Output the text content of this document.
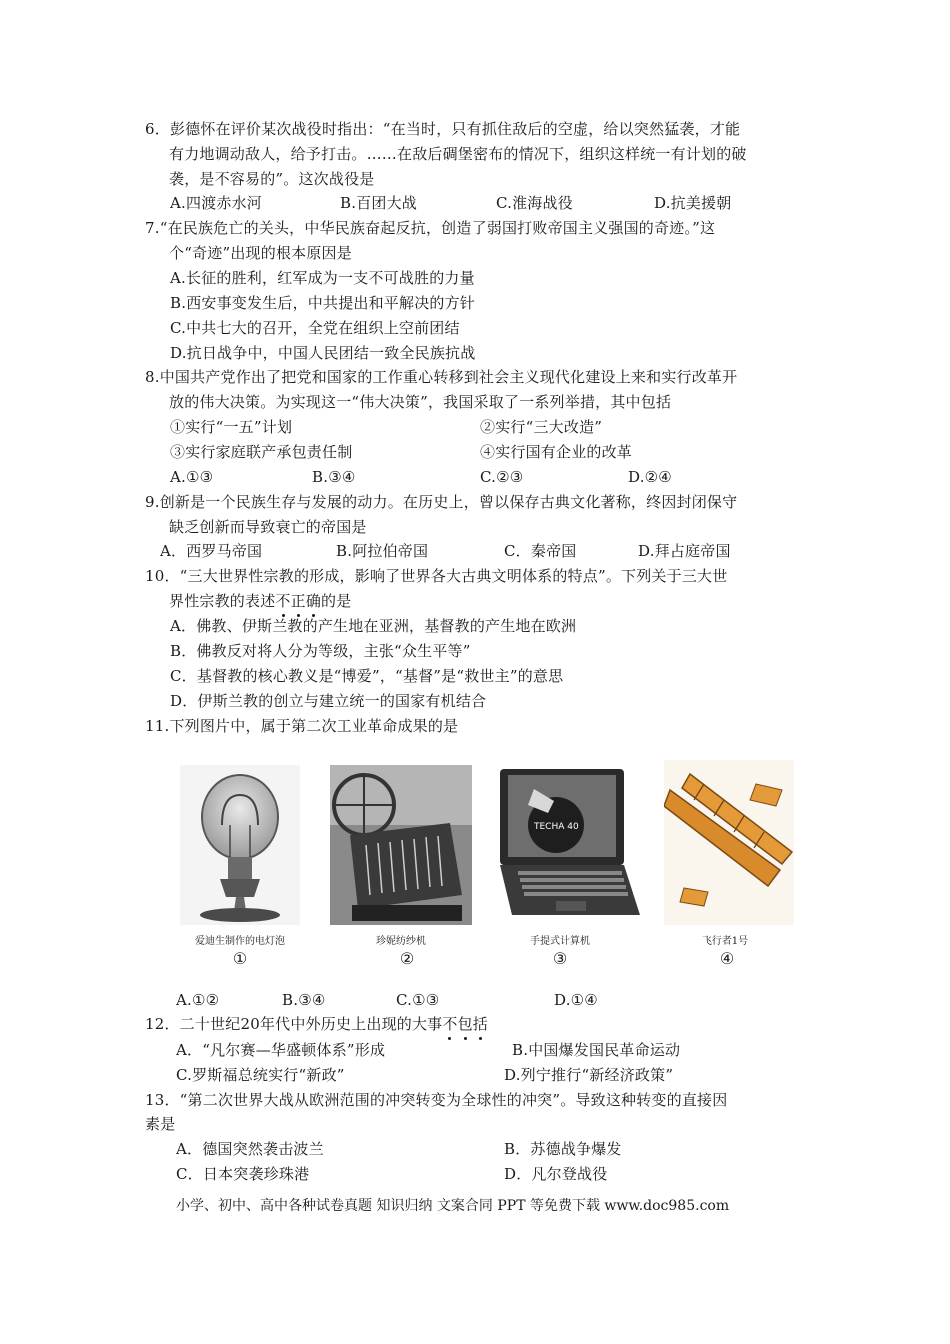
6．彭德怀在评价某次战役时指出：“在当时，只有抓住敌后的空虚，给以突然猛袭，才能
有力地调动敌人，给予打击。……在敌后碉堡密布的情况下，组织这样统一有计划的破
袭，是不容易的”。这次战役是
A.四渡赤水河	B.百团大战	C.淮海战役	D.抗美援朝
7.“在民族危亡的关头，中华民族奋起反抗，创造了弱国打败帝国主义强国的奇迹。”这
个“奇迹”出现的根本原因是
A.长征的胜利，红军成为一支不可战胜的力量
B.西安事变发生后，中共提出和平解决的方针
C.中共七大的召开，全党在组织上空前团结
D.抗日战争中，中国人民团结一致全民族抗战
8.中国共产党作出了把党和国家的工作重心转移到社会主义现代化建设上来和实行改革开
放的伟大决策。为实现这一“伟大决策”，我国采取了一系列举措，其中包括
①实行“一五”计划	②实行“三大改造”
③实行家庭联产承包责任制	④实行国有企业的改革
A.①③	B.③④	C.②③	D.②④
9.创新是一个民族生存与发展的动力。在历史上，曾以保存古典文化著称，终因封闭保守
缺乏创新而导致衰亡的帝国是
A．西罗马帝国	B.阿拉伯帝国	C．秦帝国	D.拜占庭帝国
10．“三大世界性宗教的形成，影响了世界各大古典文明体系的特点”。下列关于三大世
界性宗教的表述不
正
确
的是
A．佛教、伊斯兰教的产生地在亚洲，基督教的产生地在欧洲
B．佛教反对将人分为等级，主张“众生平等”
C．基督教的核心教义是“博爱”，“基督”是“救世主”的意思
D．伊斯兰教的创立与建立统一的国家有机结合
11.下列图片中，属于第二次工业革命成果的是
TECHA 40
爱迪生制作的电灯泡
①
珍妮纺纱机
②
手提式计算机
③
飞行者1号
④
A.①②	B.③④	C.①③	D.①④
12．二十世纪20年代中外历史上出现的大事不
包
括
A．“凡尔赛—华盛顿体系”形成	B.中国爆发国民革命运动
C.罗斯福总统实行“新政”	D.列宁推行“新经济政策”
13．“第二次世界大战从欧洲范围的冲突转变为全球性的冲突”。导致这种转变的直接因
素是
A．德国突然袭击波兰	B．苏德战争爆发
C．日本突袭珍珠港	D．凡尔登战役
小学、初中、高中各种试卷真题 知识归纳 文案合同 PPT 等免费下载 www.doc985.com
